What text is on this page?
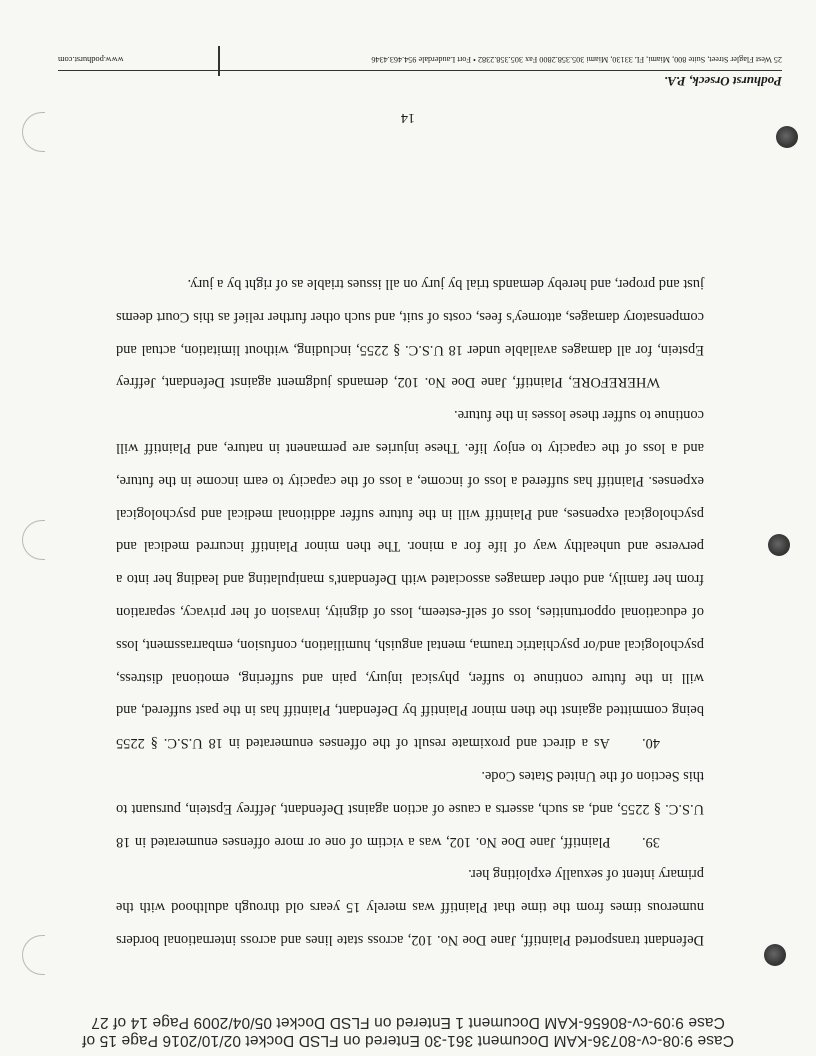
Case 9:08-cv-80736-KAM Document 361-30 Entered on FLSD Docket 02/10/2016 Page 15 of
Case 9:09-cv-80656-KAM Document 1 Entered on FLSD Docket 05/04/2009 Page 14 of 27

Defendant transported Plaintiff, Jane Doe No. 102, across state lines and across international borders numerous times from the time that Plaintiff was merely 15 years old through adulthood with the primary intent of sexually exploiting her.

39. Plaintiff, Jane Doe No. 102, was a victim of one or more offenses enumerated in 18 U.S.C. § 2255, and, as such, asserts a cause of action against Defendant, Jeffrey Epstein, pursuant to this Section of the United States Code.

40. As a direct and proximate result of the offenses enumerated in 18 U.S.C. § 2255 being committed against the then minor Plaintiff by Defendant, Plaintiff has in the past suffered, and will in the future continue to suffer, physical injury, pain and suffering, emotional distress, psychological and/or psychiatric trauma, mental anguish, humiliation, confusion, embarrassment, loss of educational opportunities, loss of self-esteem, loss of dignity, invasion of her privacy, separation from her family, and other damages associated with Defendant's manipulating and leading her into a perverse and unhealthy way of life for a minor. The then minor Plaintiff incurred medical and psychological expenses, and Plaintiff will in the future suffer additional medical and psychological expenses. Plaintiff has suffered a loss of income, a loss of the capacity to earn income in the future, and a loss of the capacity to enjoy life. These injuries are permanent in nature, and Plaintiff will continue to suffer these losses in the future.

WHEREFORE, Plaintiff, Jane Doe No. 102, demands judgment against Defendant, Jeffrey Epstein, for all damages available under 18 U.S.C. § 2255, including, without limitation, actual and compensatory damages, attorney's fees, costs of suit, and such other further relief as this Court deems just and proper, and hereby demands trial by jury on all issues triable as of right by a jury.

14
Podhurst Orseck, P.A.
25 West Flagler Street, Suite 800, Miami, FL 33130, Miami 305.358.2800 Fax 305.358.2382 • Fort Lauderdale 954.463.4346
www.podhurst.com
